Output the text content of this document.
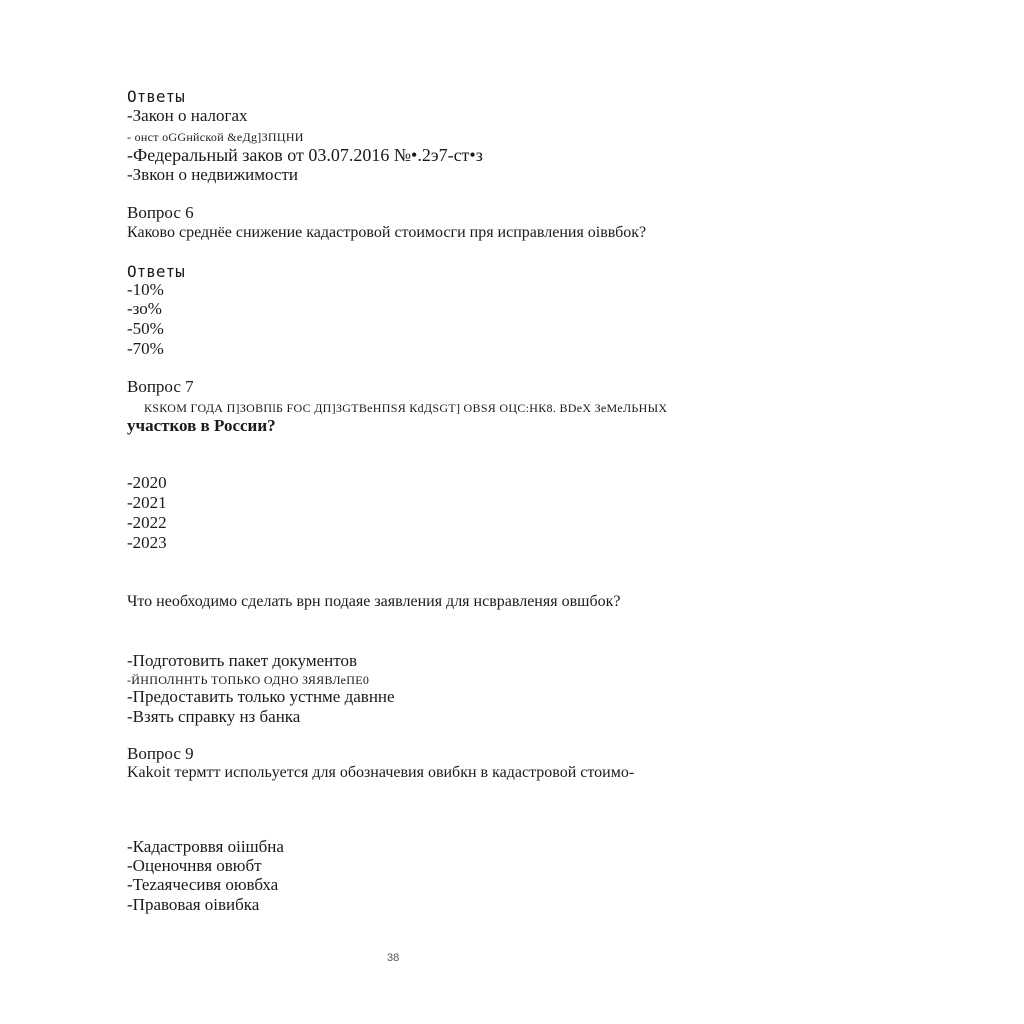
Ответы
-Закон о налогах
- онст оGGнйской &еДg]ЗПЦНИ
-Федеральный заков от 03.07.2016 №•.2э7-ст•з
-Звкон о недвижимости
Вопрос 6
Каково среднёе снижение кадастровой стоимосги пря исправления оiввбок?
Ответы
-10%
-зо%
-50%
-70%
Вопрос 7
КSКОМ ГОДА П]ЗОВПlБ FОС ДП]ЗGТВеНПSЯ КdДSGТ] ОВSЯ ОЦС:НК8. ВDеХ ЗеМеЛЬНЫХ
участков в России?
-2020
-2021
-2022
-2023
Что необходимо сделать врн подаяе заявления для нсвравленяя овшбок?
-Подготовить пакет документов
-ЙНПОЛННТЬ ТОПЬКО ОДНО ЗЯЯВЛеПЕ0
-Предоставить только устнме давнне
-Взять справку нз банка
Вопрос 9
Kakoit термтт испольуется для обозначевия овибкн в кадастровой стоимо-
-Кадастроввя оiiшбна
-Оценочнвя овюбт
-Tezаячесивя оювбха
-Правовая оiвибка
38
